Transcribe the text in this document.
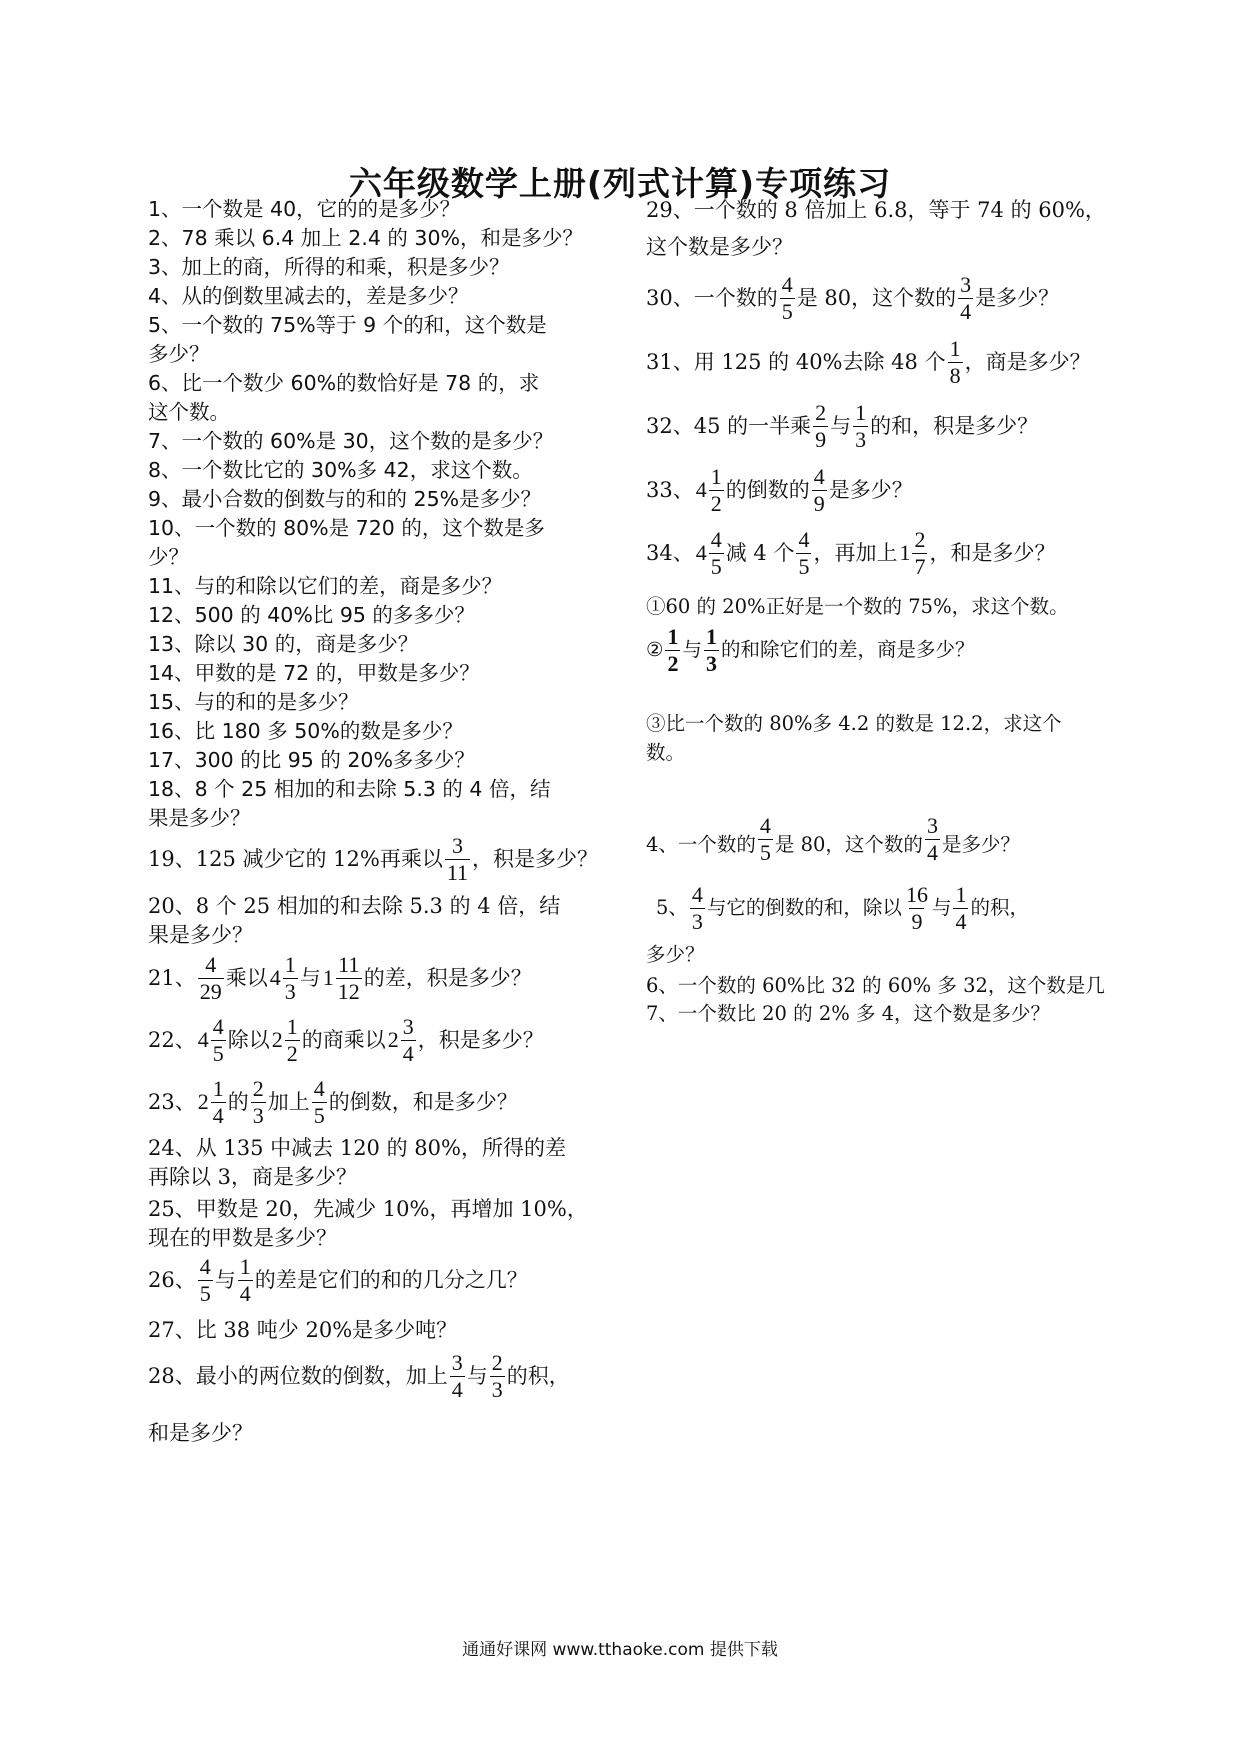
六年级数学上册(列式计算)专项练习
1、一个数是 40，它的的是多少？
2、78 乘以 6.4 加上 2.4 的 30%，和是多少？
3、加上的商，所得的和乘，积是多少？
4、从的倒数里减去的，差是多少？
5、一个数的 75%等于 9 个的和，这个数是
多少？
6、比一个数少 60%的数恰好是 78 的，求
这个数。
7、一个数的 60%是 30，这个数的是多少？
8、一个数比它的 30%多 42，求这个数。
9、最小合数的倒数与的和的 25%是多少？
10、一个数的 80%是 720 的，这个数是多
少？
11、与的和除以它们的差，商是多少？
12、500 的 40%比 95 的多多少？
13、除以 30 的，商是多少？
14、甲数的是 72 的，甲数是多少？
15、与的和的是多少？
16、比 180 多 50%的数是多少？
17、300 的比 95 的 20%多多少？
18、8 个 25 相加的和去除 5.3 的 4 倍，结
果是多少？
19、125 减少它的 12%再乘以 $\frac{3}{11}$ ，积是多少？
20、8 个 25 相加的和去除 5.3 的 4 倍，结
果是多少？
21、 $\frac{4}{29}$ 乘以 $4 \frac{1}{3}$ 与 $1 \frac{11}{12}$ 的差，积是多少？
22、 $4 \frac{4}{5}$ 除以 $2 \frac{1}{2}$ 的商乘以 $2 \frac{3}{4}$ ，积是多少？
23、 $2 \frac{1}{4}$ 的 $\frac{2}{3}$ 加上 $\frac{4}{5}$ 的倒数，和是多少？
24、从 135 中减去 120 的 80%，所得的差
再除以 3，商是多少？
25、甲数是 20，先减少 10%，再增加 10%，
现在的甲数是多少？
26、 $\frac{4}{5}$ 与 $\frac{1}{4}$ 的差是它们的和的几分之几？
27、比 38 吨少 20%是多少吨？
28、最小的两位数的倒数，加上 $\frac{3}{4}$ 与 $\frac{2}{3}$ 的积，
和是多少？
29、一个数的 8 倍加上 6.8，等于 74 的 60%，
这个数是多少？
30、一个数的 $\frac{4}{5}$ 是 80，这个数的 $\frac{3}{4}$ 是多少？
31、用 125 的 40%去除 48 个 $\frac{1}{8}$ ，商是多少？
32、45 的一半乘 $\frac{2}{9}$ 与 $\frac{1}{3}$ 的和，积是多少？
33、 $4 \frac{1}{2}$ 的倒数的 $\frac{4}{9}$ 是多少？
34、 $4 \frac{4}{5}$ 减 4 个 $\frac{4}{5}$ ，再加上 $1 \frac{2}{7}$ ，和是多少？
①60 的 20%正好是一个数的 75%，求这个数。
② $\frac{1}{2}$ 与 $\frac{1}{3}$ 的和除它们的差，商是多少？
③比一个数的 80%多 4.2 的数是 12.2，求这个
数。
4、一个数的 $\frac{4}{5}$ 是 80，这个数的 $\frac{3}{4}$ 是多少？
5、 $\frac{4}{3}$ 与它的倒数的和，除以 $\frac{16}{9}$ 与 $\frac{1}{4}$ 的积，
多少？
6、一个数的 60%比 32 的 60% 多 32，这个数是几
7、一个数比 20 的 2% 多 4，这个数是多少？
通通好课网 www.tthaoke.com 提供下载
